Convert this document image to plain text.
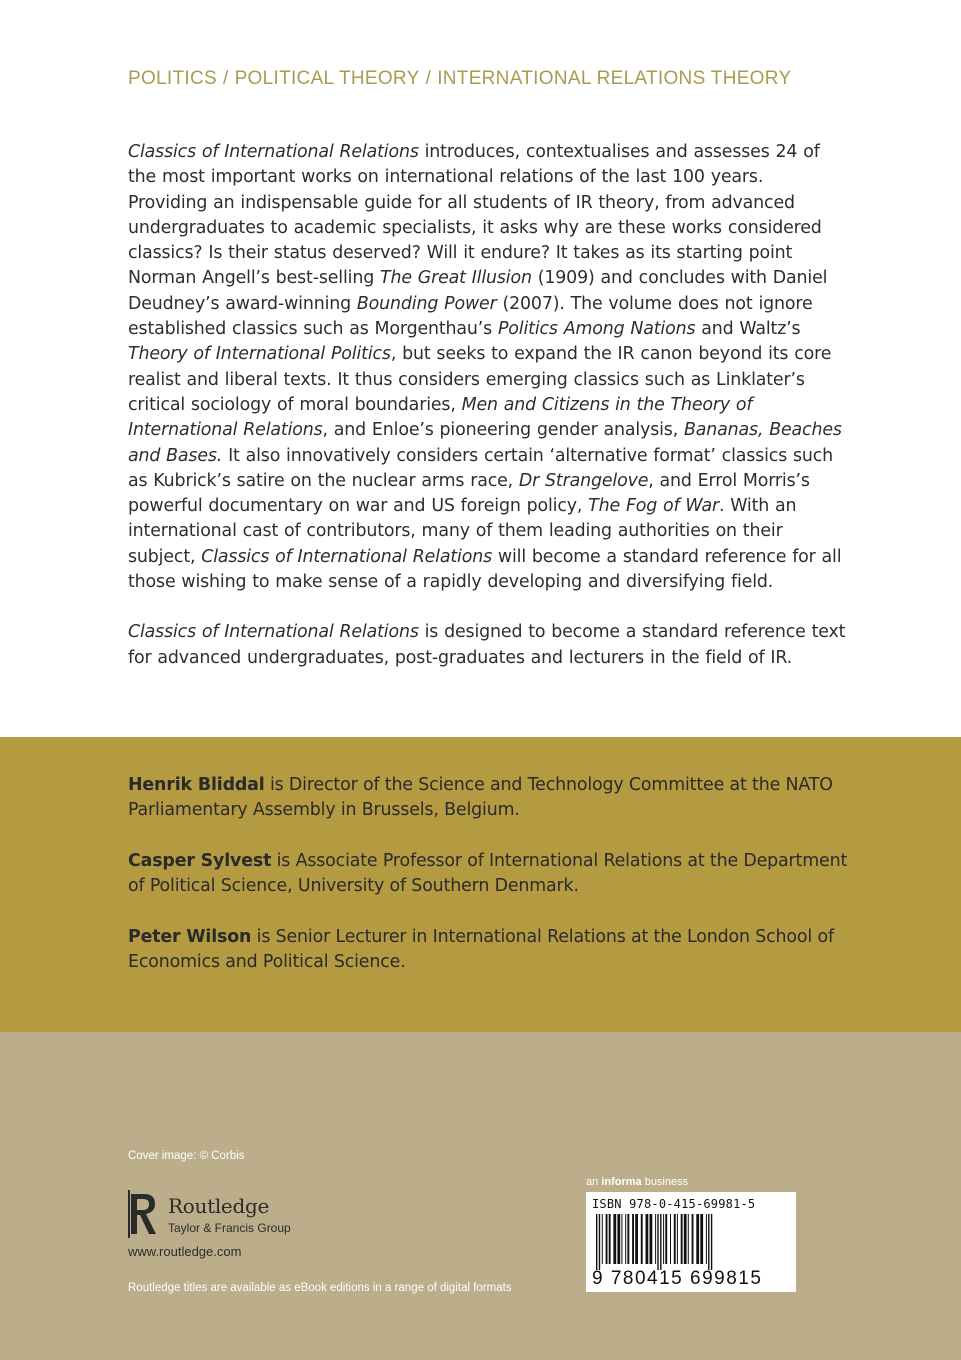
POLITICS / POLITICAL THEORY / INTERNATIONAL RELATIONS THEORY

Classics of International Relations introduces, contextualises and assesses 24 of the most important works on international relations of the last 100 years. Providing an indispensable guide for all students of IR theory, from advanced undergraduates to academic specialists, it asks why are these works considered classics? Is their status deserved? Will it endure? It takes as its starting point Norman Angell’s best-selling The Great Illusion (1909) and concludes with Daniel Deudney’s award-winning Bounding Power (2007). The volume does not ignore established classics such as Morgenthau’s Politics Among Nations and Waltz’s Theory of International Politics, but seeks to expand the IR canon beyond its core realist and liberal texts. It thus considers emerging classics such as Linklater’s critical sociology of moral boundaries, Men and Citizens in the Theory of International Relations, and Enloe’s pioneering gender analysis, Bananas, Beaches and Bases. It also innovatively considers certain ‘alternative format’ classics such as Kubrick’s satire on the nuclear arms race, Dr Strangelove, and Errol Morris’s powerful documentary on war and US foreign policy, The Fog of War. With an international cast of contributors, many of them leading authorities on their subject, Classics of International Relations will become a standard reference for all those wishing to make sense of a rapidly developing and diversifying field.

Classics of International Relations is designed to become a standard reference text for advanced undergraduates, post-graduates and lecturers in the field of IR.

Henrik Bliddal is Director of the Science and Technology Committee at the NATO Parliamentary Assembly in Brussels, Belgium.

Casper Sylvest is Associate Professor of International Relations at the Department of Political Science, University of Southern Denmark.

Peter Wilson is Senior Lecturer in International Relations at the London School of Economics and Political Science.

Cover image: © Corbis
Routledge
Taylor & Francis Group
www.routledge.com
Routledge titles are available as eBook editions in a range of digital formats
an informa business
ISBN 978-0-415-69981-5
9 780415 699815
